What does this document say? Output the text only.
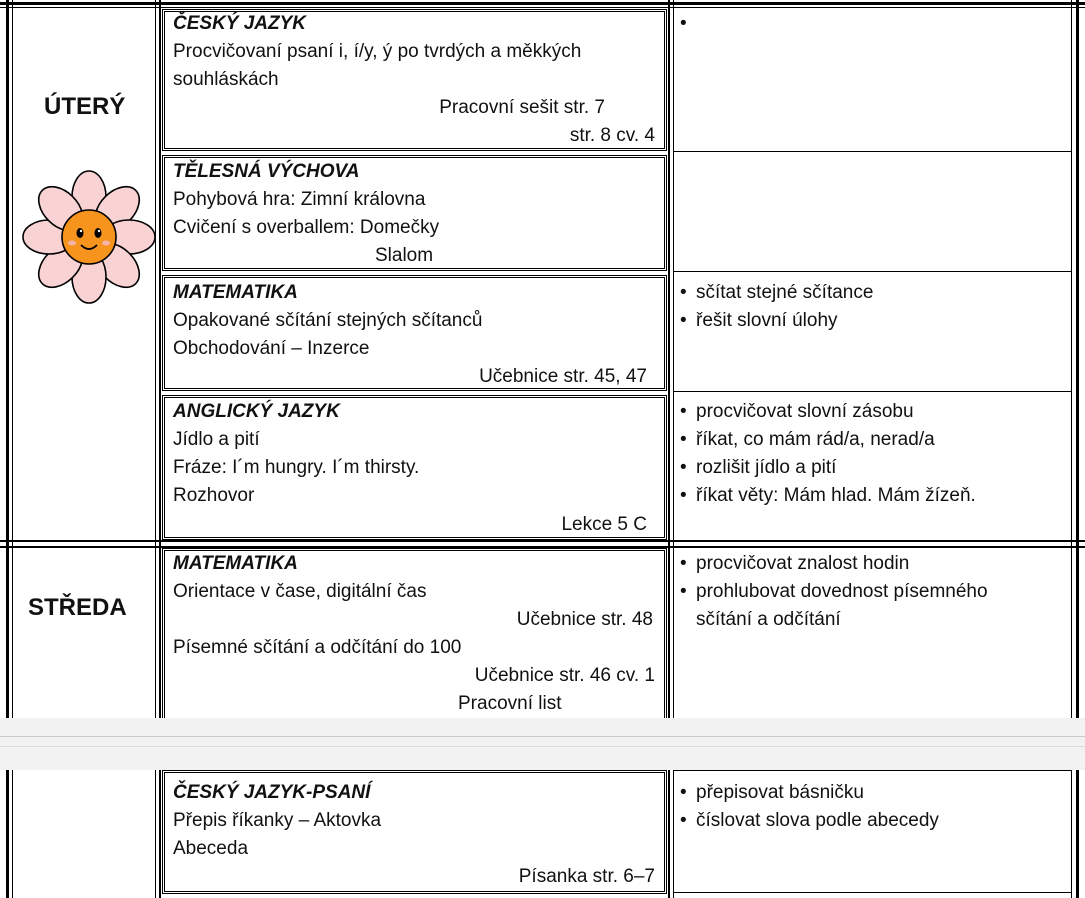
ÚTERÝ
STŘEDA
ČESKÝ JAZYK
Procvičovaní psaní i, í/y, ý po tvrdých a měkkých
souhláskách
Pracovní sešit str. 7
str. 8 cv. 4
TĚLESNÁ VÝCHOVA
Pohybová hra: Zimní královna
Cvičení s overballem: Domečky
Slalom
MATEMATIKA
Opakované sčítání stejných sčítanců
Obchodování – Inzerce
Učebnice str. 45, 47
• sčítat stejné sčítance
• řešit slovní úlohy
ANGLICKÝ JAZYK
Jídlo a pití
Fráze: I´m hungry. I´m thirsty.
Rozhovor
Lekce 5 C
• procvičovat slovní zásobu
• říkat, co mám rád/a, nerad/a
• rozlišit jídlo a pití
• říkat věty: Mám hlad. Mám žízeň.
MATEMATIKA
Orientace v čase, digitální čas
Učebnice str. 48
Písemné sčítání a odčítání do 100
Učebnice str. 46 cv. 1
Pracovní list
• procvičovat znalost hodin
• prohlubovat dovednost písemného
sčítání a odčítání
ČESKÝ JAZYK-PSANÍ
Přepis říkanky – Aktovka
Abeceda
Písanka str. 6–7
• přepisovat básničku
• číslovat slova podle abecedy
